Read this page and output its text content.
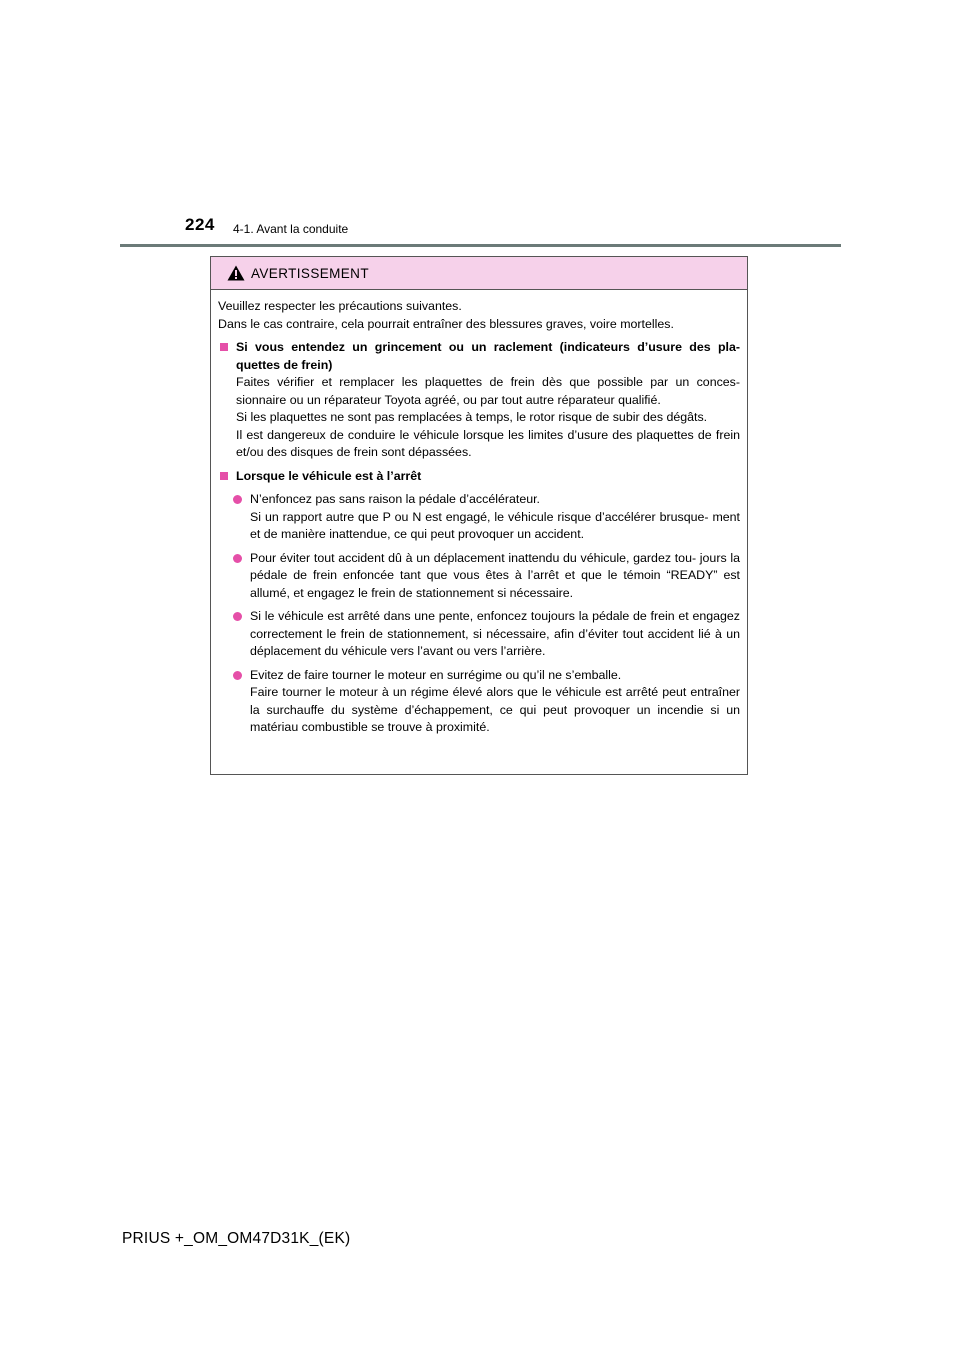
224 4-1. Avant la conduite
AVERTISSEMENT

Veuillez respecter les précautions suivantes.

Dans le cas contraire, cela pourrait entraîner des blessures graves, voire mortelles.

Si vous entendez un grincement ou un raclement (indicateurs d’usure des pla- quettes de frein)

Faites vérifier et remplacer les plaquettes de frein dès que possible par un conces- sionnaire ou un réparateur Toyota agréé, ou par tout autre réparateur qualifié.

Si les plaquettes ne sont pas remplacées à temps, le rotor risque de subir des dégâts.

Il est dangereux de conduire le véhicule lorsque les limites d’usure des plaquettes de frein et/ou des disques de frein sont dépassées.

Lorsque le véhicule est à l’arrêt

N’enfoncez pas sans raison la pédale d’accélérateur.

Si un rapport autre que P ou N est engagé, le véhicule risque d’accélérer brusque- ment et de manière inattendue, ce qui peut provoquer un accident.

Pour éviter tout accident dû à un déplacement inattendu du véhicule, gardez tou- jours la pédale de frein enfoncée tant que vous êtes à l’arrêt et que le témoin “READY” est allumé, et engagez le frein de stationnement si nécessaire.

Si le véhicule est arrêté dans une pente, enfoncez toujours la pédale de frein et engagez correctement le frein de stationnement, si nécessaire, afin d’éviter tout accident lié à un déplacement du véhicule vers l’avant ou vers l’arrière.

Evitez de faire tourner le moteur en surrégime ou qu’il ne s’emballe.

Faire tourner le moteur à un régime élevé alors que le véhicule est arrêté peut entraîner la surchauffe du système d’échappement, ce qui peut provoquer un incendie si un matériau combustible se trouve à proximité.

PRIUS +_OM_OM47D31K_(EK)
